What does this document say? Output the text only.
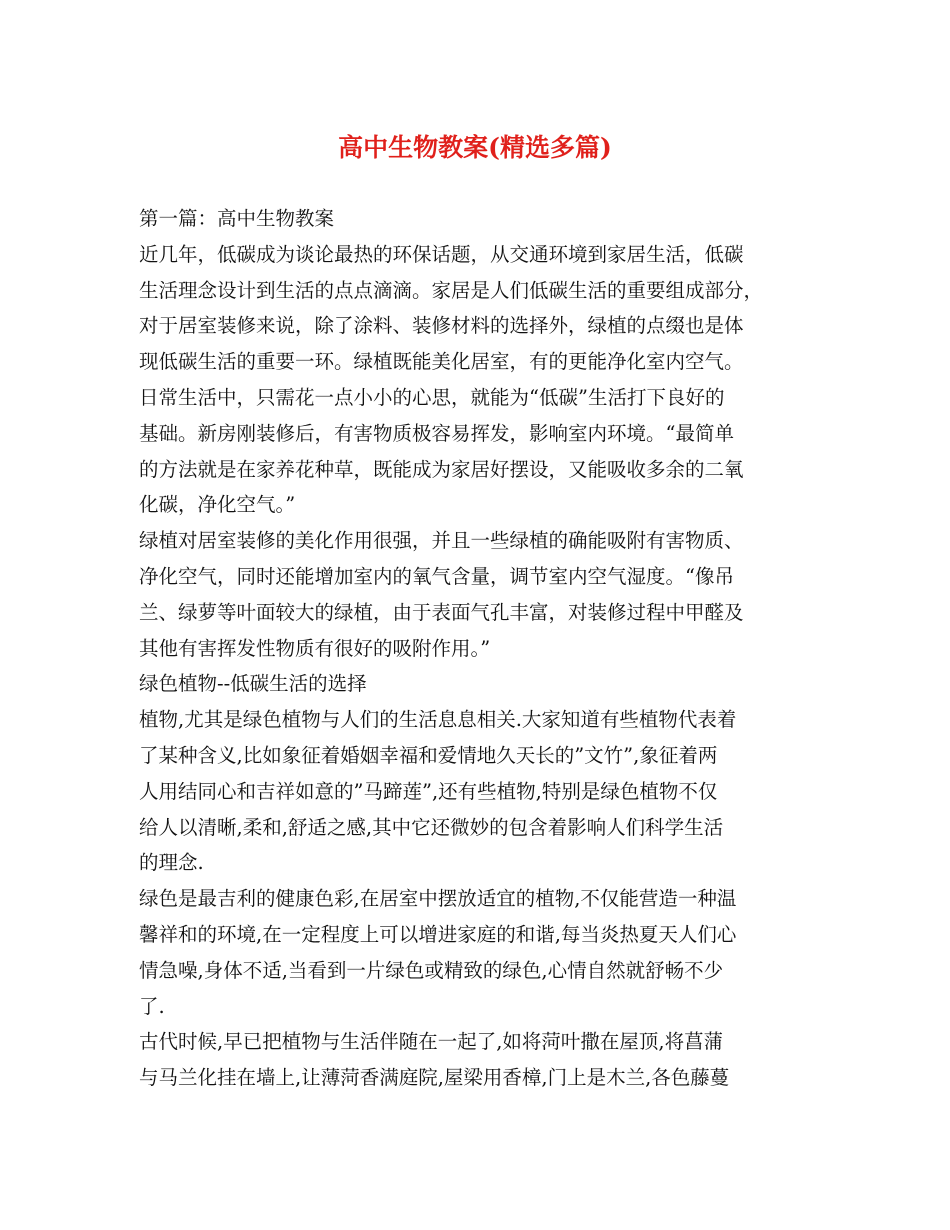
高中生物教案(精选多篇)
第一篇：高中生物教案
近几年，低碳成为谈论最热的环保话题，从交通环境到家居生活，低碳
生活理念设计到生活的点点滴滴。家居是人们低碳生活的重要组成部分，
对于居室装修来说，除了涂料、装修材料的选择外，绿植的点缀也是体
现低碳生活的重要一环。绿植既能美化居室，有的更能净化室内空气。
日常生活中，只需花一点小小的心思，就能为“低碳”生活打下良好的
基础。新房刚装修后，有害物质极容易挥发，影响室内环境。“最简单
的方法就是在家养花种草，既能成为家居好摆设，又能吸收多余的二氧
化碳，净化空气。”
绿植对居室装修的美化作用很强，并且一些绿植的确能吸附有害物质、
净化空气，同时还能增加室内的氧气含量，调节室内空气湿度。“像吊
兰、绿萝等叶面较大的绿植，由于表面气孔丰富，对装修过程中甲醛及
其他有害挥发性物质有很好的吸附作用。”
绿色植物--低碳生活的选择
植物,尤其是绿色植物与人们的生活息息相关.大家知道有些植物代表着
了某种含义,比如象征着婚姻幸福和爱情地久天长的”文竹”,象征着两
人用结同心和吉祥如意的”马蹄莲”,还有些植物,特别是绿色植物不仅
给人以清晰,柔和,舒适之感,其中它还微妙的包含着影响人们科学生活
的理念.
绿色是最吉利的健康色彩,在居室中摆放适宜的植物,不仅能营造一种温
馨祥和的环境,在一定程度上可以增进家庭的和谐,每当炎热夏天人们心
情急噪,身体不适,当看到一片绿色或精致的绿色,心情自然就舒畅不少
了.
古代时候,早已把植物与生活伴随在一起了,如将菏叶撒在屋顶,将菖蒲
与马兰化挂在墙上,让薄菏香满庭院,屋梁用香樟,门上是木兰,各色藤蔓
